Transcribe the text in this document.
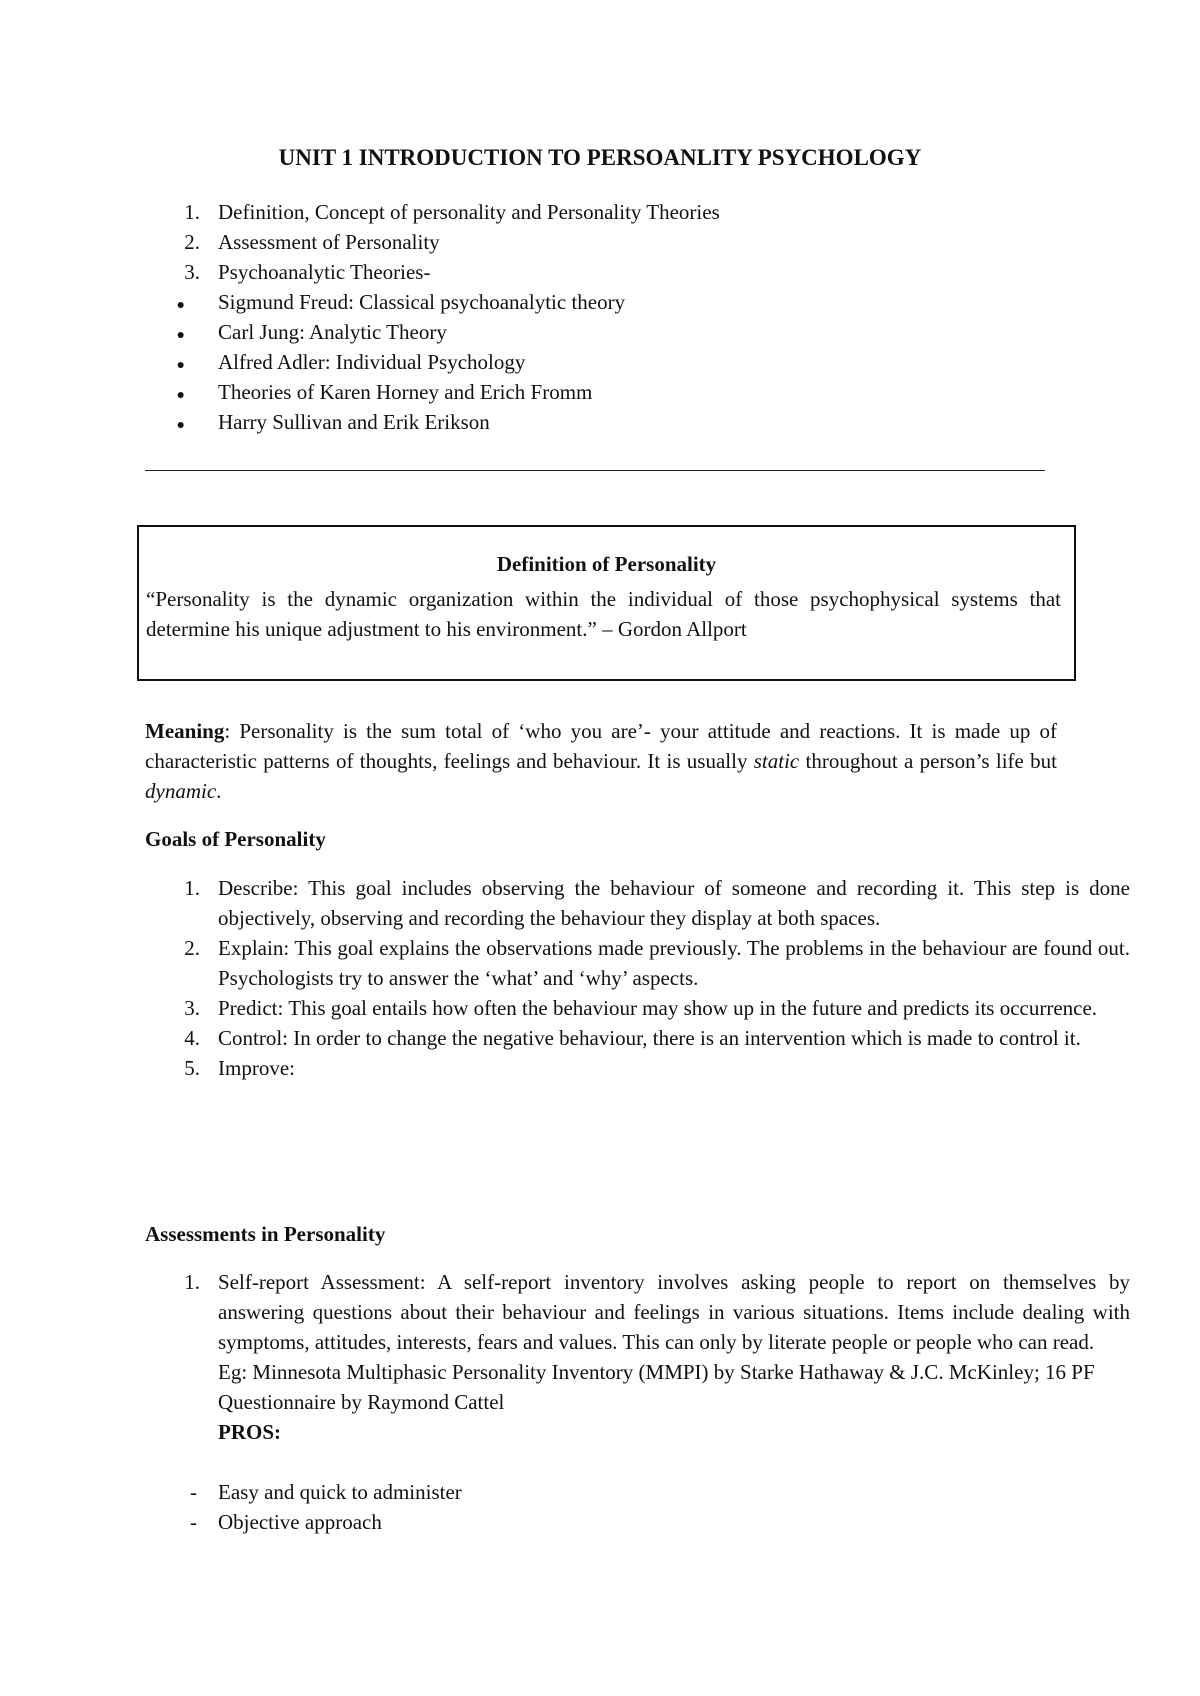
UNIT 1 INTRODUCTION TO PERSOANLITY PSYCHOLOGY
1. Definition, Concept of personality and Personality Theories
2. Assessment of Personality
3. Psychoanalytic Theories-
● Sigmund Freud: Classical psychoanalytic theory
● Carl Jung: Analytic Theory
● Alfred Adler: Individual Psychology
● Theories of Karen Horney and Erich Fromm
● Harry Sullivan and Erik Erikson
Definition of Personality

“Personality is the dynamic organization within the individual of those psychophysical systems that determine his unique adjustment to his environment.” – Gordon Allport

Meaning: Personality is the sum total of ‘who you are’- your attitude and reactions. It is made up of characteristic patterns of thoughts, feelings and behaviour. It is usually static throughout a person’s life but dynamic.

Goals of Personality
1. Describe: This goal includes observing the behaviour of someone and recording it. This step is done objectively, observing and recording the behaviour they display at both spaces.
2. Explain: This goal explains the observations made previously. The problems in the behaviour are found out. Psychologists try to answer the ‘what’ and ‘why’ aspects.
3. Predict: This goal entails how often the behaviour may show up in the future and predicts its occurrence.
4. Control: In order to change the negative behaviour, there is an intervention which is made to control it.
5. Improve:
Assessments in Personality
1. Self-report Assessment: A self-report inventory involves asking people to report on themselves by answering questions about their behaviour and feelings in various situations. Items include dealing with symptoms, attitudes, interests, fears and values. This can only by literate people or people who can read.
Eg: Minnesota Multiphasic Personality Inventory (MMPI) by Starke Hathaway & J.C. McKinley; 16 PF Questionnaire by Raymond Cattel
PROS:
- Easy and quick to administer
- Objective approach
